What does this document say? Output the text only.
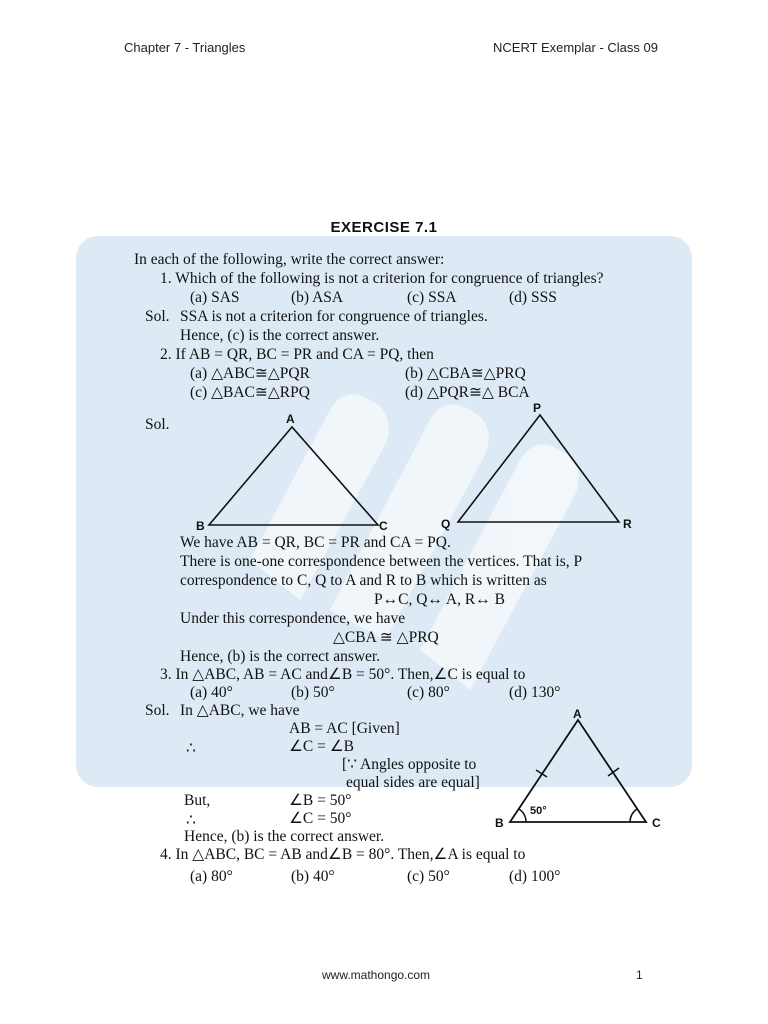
Chapter 7 - Triangles	NCERT Exemplar - Class 09
EXERCISE 7.1
In each of the following, write the correct answer:
1. Which of the following is not a criterion for congruence of triangles?
(a) SAS	(b) ASA	(c) SSA	(d) SSS
Sol. SSA is not a criterion for congruence of triangles.
Hence, (c) is the correct answer.
2. If AB = QR, BC = PR and CA = PQ, then
(a) △ABC≅△PQR	(b) △CBA≅△PRQ
(c) △BAC≅△RPQ	(d) △PQR≅△ BCA
Sol.	A
B	C
P
Q	R
We have AB = QR, BC = PR and CA = PQ.
There is one-one correspondence between the vertices. That is, P
correspondence to C, Q to A and R to B which is written as
P↔C, Q↔ A, R↔ B
Under this correspondence, we have
△CBA ≅ △PRQ
Hence, (b) is the correct answer.
3. In △ABC, AB = AC and∠B = 50°. Then,∠C is equal to
(a) 40°	(b) 50°	(c) 80°	(d) 130°
Sol. In △ABC, we have
AB = AC [Given]
∴	∠C = ∠B
[∵ Angles opposite to
equal sides are equal]
But,	∠B = 50°
∴	∠C = 50°
Hence, (b) is the correct answer.
A
B	C
50°
4. In △ABC, BC = AB and∠B = 80°. Then,∠A is equal to
(a) 80°	(b) 40°	(c) 50°	(d) 100°
www.mathongo.com	1
